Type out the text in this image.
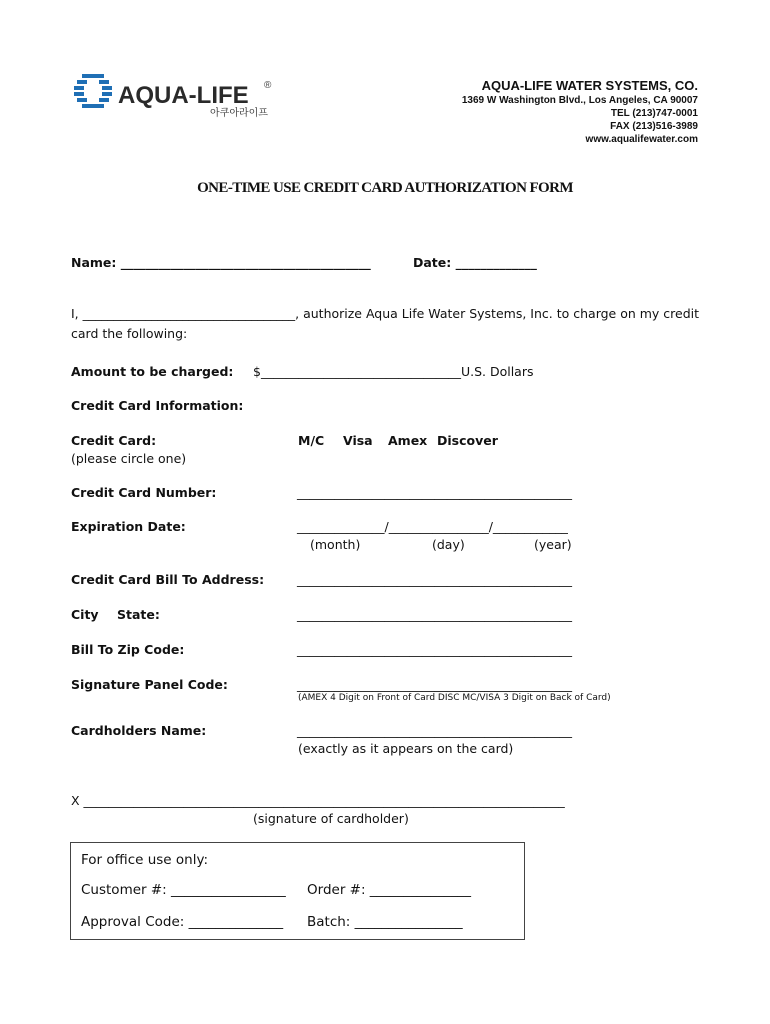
AQUA-LIFE ®
아쿠아라이프
AQUA-LIFE WATER SYSTEMS, CO.
1369 W Washington Blvd., Los Angeles, CA 90007
TEL (213)747-0001
FAX (213)516-3989
www.aqualifewater.com
ONE-TIME USE CREDIT CARD AUTHORIZATION FORM
Name: ________________________________________	Date: _____________
I, __________________________________, authorize Aqua Life Water Systems, Inc. to charge on my credit
card the following:
Amount to be charged: $________________________________U.S. Dollars
Credit Card Information:
Credit Card:
(please circle one)
M/C Visa Amex Discover
Credit Card Number:	____________________________________________
Expiration Date:	______________/________________/____________
(month)	(day)	(year)
Credit Card Bill To Address:	____________________________________________
City State:	____________________________________________
Bill To Zip Code:	____________________________________________
Signature Panel Code:	____________________________________________
(AMEX 4 Digit on Front of Card DISC MC/VISA 3 Digit on Back of Card)
Cardholders Name:	____________________________________________
(exactly as it appears on the card)
X _____________________________________________________________________________
(signature of cardholder)
For office use only:
Customer #: _________________ Order #: _______________
Approval Code: ______________ Batch: ________________
